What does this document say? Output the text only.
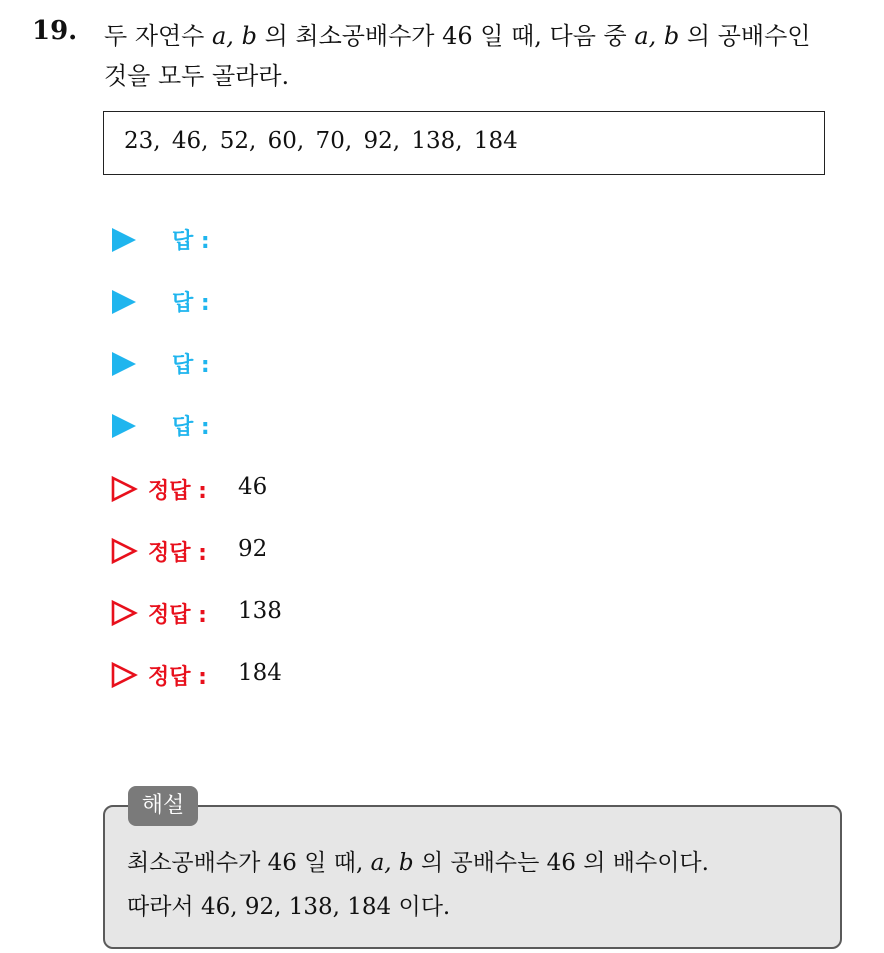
19. 두 자연수 a, b 의 최소공배수가 46 일 때, 다음 중 a, b 의 공배수인
것을 모두 골라라.
23, 46, 52, 60, 70, 92, 138, 184
답 :
답 :
답 :
답 :
정답 : 46
정답 : 92
정답 : 138
정답 : 184
최소공배수가 46 일 때, a, b 의 공배수는 46 의 배수이다.
따라서 46, 92, 138, 184 이다.
해설
